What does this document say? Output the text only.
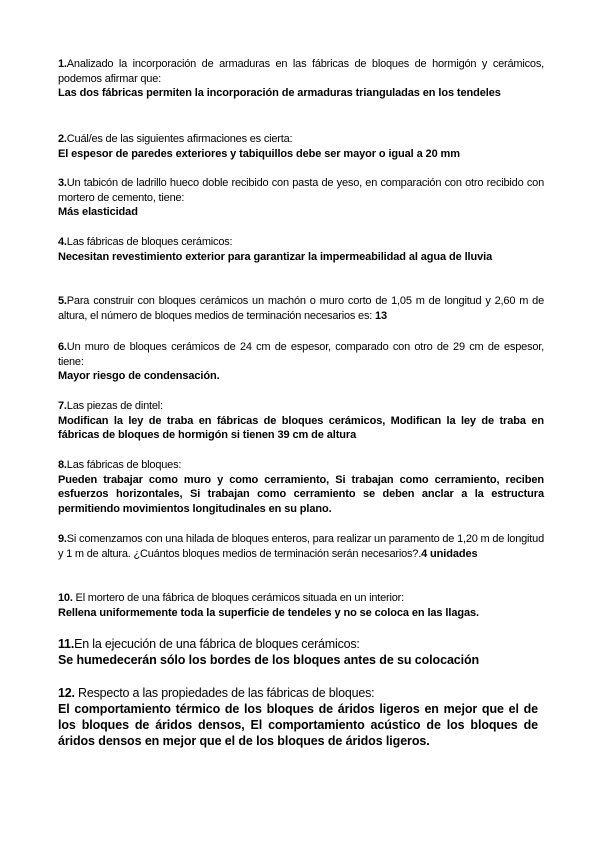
1.Analizado la incorporación de armaduras en las fábricas de bloques de hormigón y cerámicos, podemos afirmar que:
Las dos fábricas permiten la incorporación de armaduras trianguladas en los tendeles
2.Cuál/es de las siguientes afirmaciones es cierta:
El espesor de paredes exteriores y tabiquillos debe ser mayor o igual a 20 mm
3.Un tabicón de ladrillo hueco doble recibido con pasta de yeso, en comparación con otro recibido con mortero de cemento, tiene:
Más elasticidad
4.Las fábricas de bloques cerámicos:
Necesitan revestimiento exterior para garantizar la impermeabilidad al agua de lluvia
5.Para construir con bloques cerámicos un machón o muro corto de 1,05 m de longitud y 2,60 m de altura, el número de bloques medios de terminación necesarios es: 13
6.Un muro de bloques cerámicos de 24 cm de espesor, comparado con otro de 29 cm de espesor, tiene:
Mayor riesgo de condensación.
7.Las piezas de dintel:
Modifican la ley de traba en fábricas de bloques cerámicos, Modifican la ley de traba en fábricas de bloques de hormigón si tienen 39 cm de altura
8.Las fábricas de bloques:
Pueden trabajar como muro y como cerramiento, Si trabajan como cerramiento, reciben esfuerzos horizontales, Si trabajan como cerramiento se deben anclar a la estructura permitiendo movimientos longitudinales en su plano.
9.Si comenzamos con una hilada de bloques enteros, para realizar un paramento de 1,20 m de longitud y 1 m de altura. ¿Cuántos bloques medios de terminación serán necesarios?.4 unidades
10. El mortero de una fábrica de bloques cerámicos situada en un interior:
Rellena uniformemente toda la superficie de tendeles y no se coloca en las llagas.
11.En la ejecución de una fábrica de bloques cerámicos:
Se humedecerán sólo los bordes de los bloques antes de su colocación
12. Respecto a las propiedades de las fábricas de bloques:
El comportamiento térmico de los bloques de áridos ligeros en mejor que el de los bloques de áridos densos, El comportamiento acústico de los bloques de áridos densos en mejor que el de los bloques de áridos ligeros.
